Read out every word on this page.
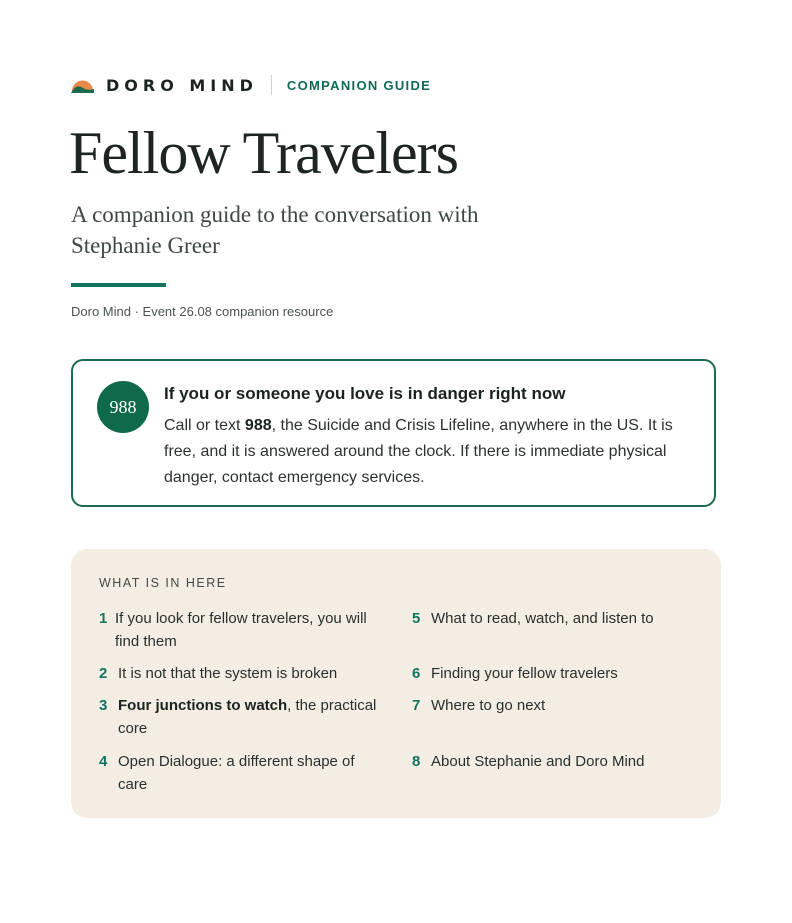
DORO MIND COMPANION GUIDE
Fellow Travelers

A companion guide to the conversation with Stephanie Greer

Doro Mind · Event 26.08 companion resource
988
If you or someone you love is in danger right now
Call or text 988, the Suicide and Crisis Lifeline, anywhere in the US. It is free, and it is answered around the clock. If there is immediate physical danger, contact emergency services.
WHAT IS IN HERE
1 If you look for fellow travelers, you will find them
2 It is not that the system is broken
3 Four junctions to watch, the practical core
4 Open Dialogue: a different shape of care
5 What to read, watch, and listen to
6 Finding your fellow travelers
7 Where to go next
8 About Stephanie and Doro Mind
